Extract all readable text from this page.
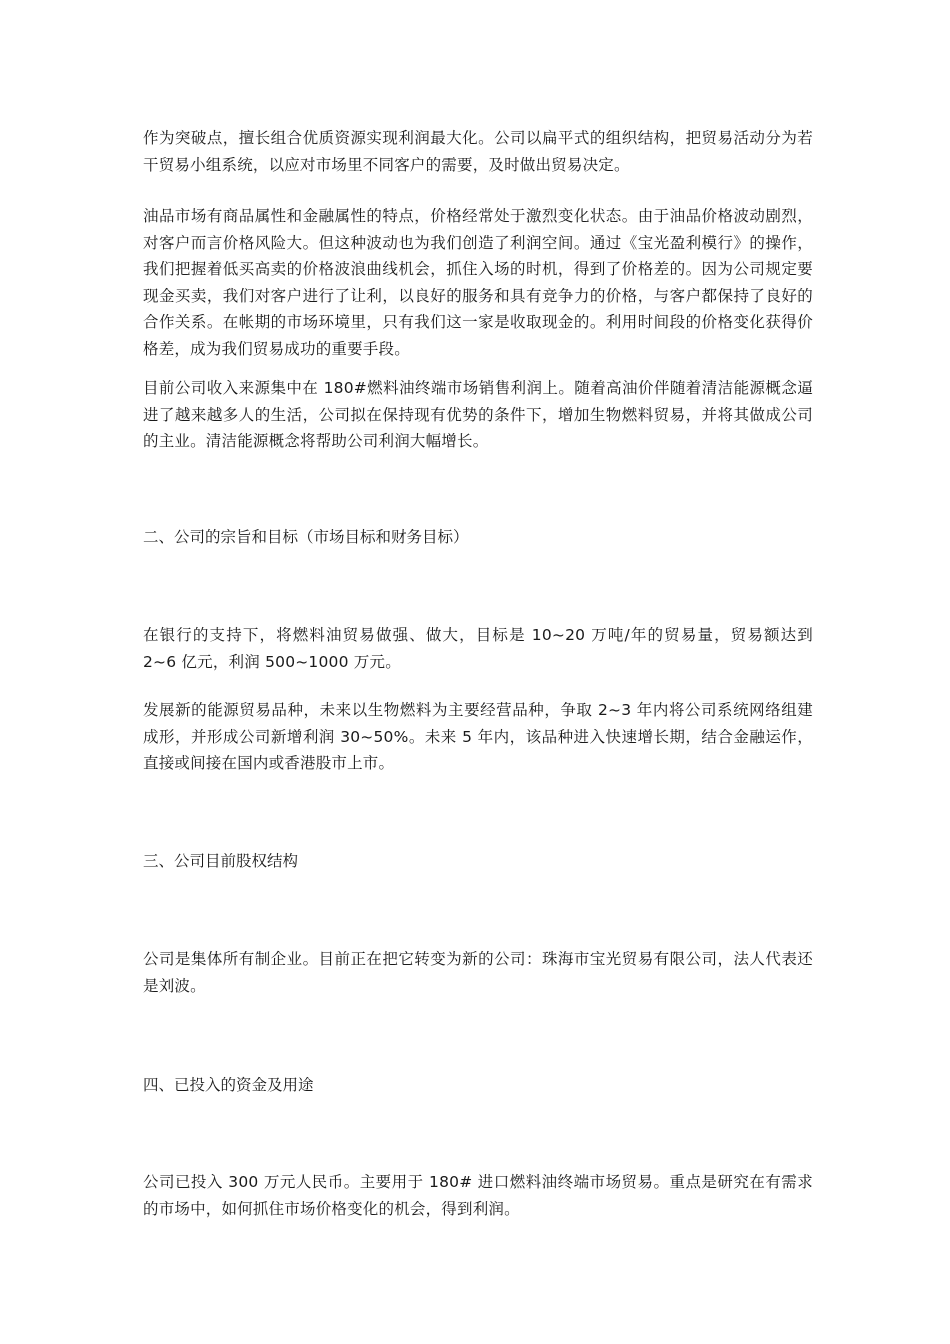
作为突破点，擅长组合优质资源实现利润最大化。公司以扁平式的组织结构，把贸易活动分为若干贸易小组系统，以应对市场里不同客户的需要，及时做出贸易决定。

油品市场有商品属性和金融属性的特点，价格经常处于激烈变化状态。由于油品价格波动剧烈，对客户而言价格风险大。但这种波动也为我们创造了利润空间。通过《宝光盈利模行》的操作，我们把握着低买高卖的价格波浪曲线机会，抓住入场的时机，得到了价格差的。因为公司规定要现金买卖，我们对客户进行了让利，以良好的服务和具有竞争力的价格，与客户都保持了良好的合作关系。在帐期的市场环境里，只有我们这一家是收取现金的。利用时间段的价格变化获得价格差，成为我们贸易成功的重要手段。

目前公司收入来源集中在 180#燃料油终端市场销售利润上。随着高油价伴随着清洁能源概念逼进了越来越多人的生活，公司拟在保持现有优势的条件下，增加生物燃料贸易，并将其做成公司的主业。清洁能源概念将帮助公司利润大幅增长。

二、公司的宗旨和目标（市场目标和财务目标）

在银行的支持下，将燃料油贸易做强、做大，目标是 10~20 万吨/年的贸易量，贸易额达到 2~6 亿元，利润 500~1000 万元。

发展新的能源贸易品种，未来以生物燃料为主要经营品种，争取 2~3 年内将公司系统网络组建成形，并形成公司新增利润 30~50%。未来 5 年内，该品种进入快速增长期，结合金融运作，直接或间接在国内或香港股市上市。

三、公司目前股权结构

公司是集体所有制企业。目前正在把它转变为新的公司：珠海市宝光贸易有限公司，法人代表还是刘波。

四、已投入的资金及用途

公司已投入 300 万元人民币。主要用于 180# 进口燃料油终端市场贸易。重点是研究在有需求的市场中，如何抓住市场价格变化的机会，得到利润。
